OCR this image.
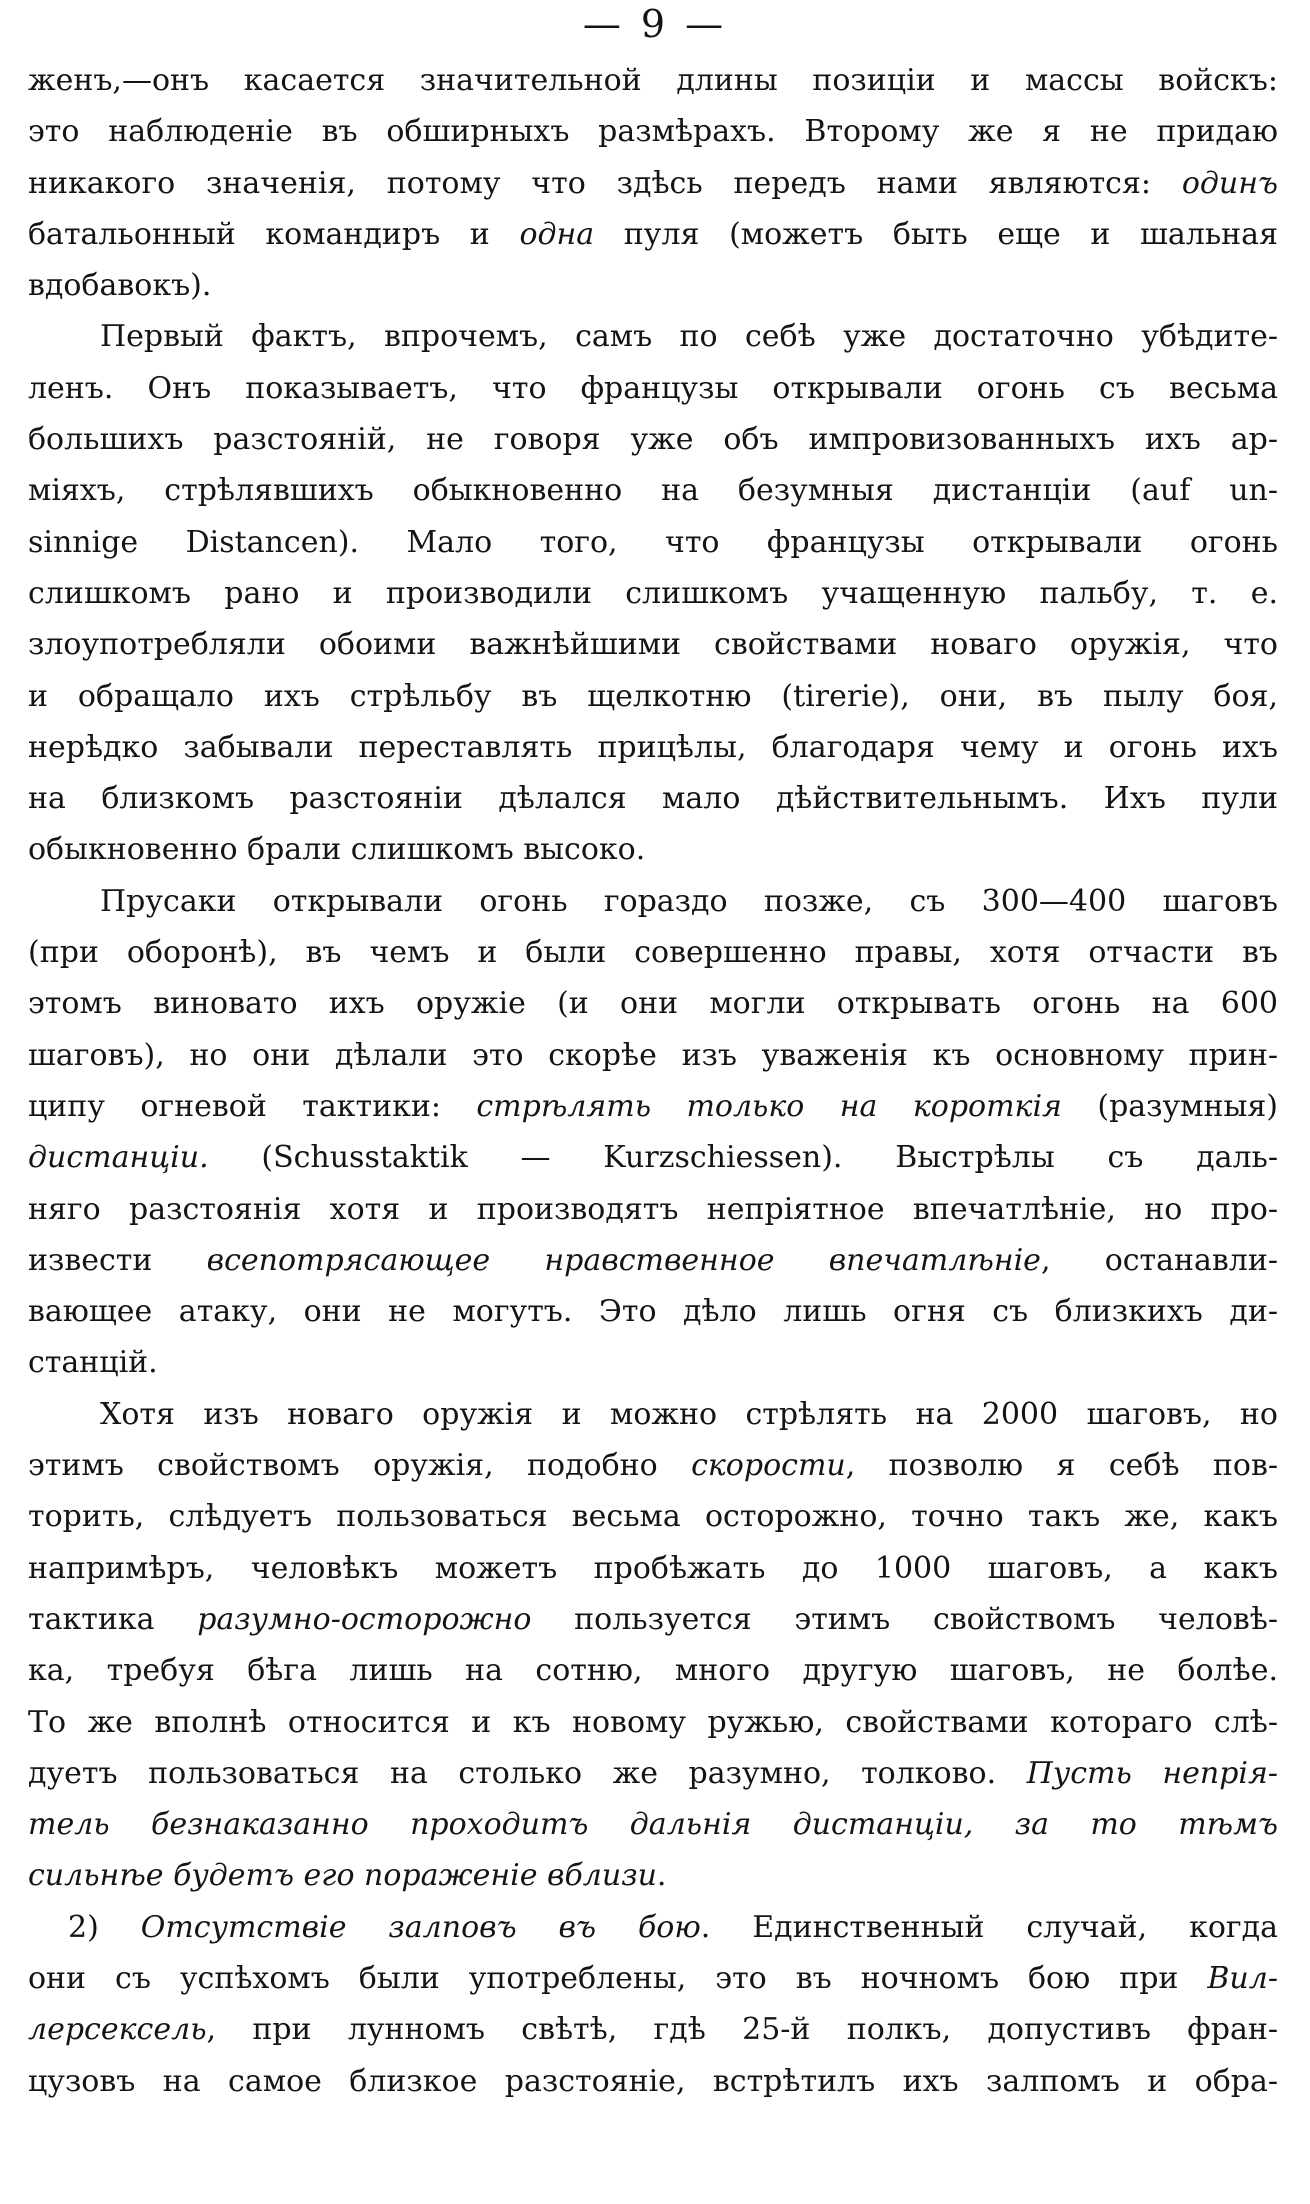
— 9 —
женъ,—онъ касается значительной длины позиціи и массы войскъ:
это наблюденіе въ обширныхъ размѣрахъ. Второму же я не придаю
никакого значенія, потому что здѣсь передъ нами являются: одинъ
батальонный командиръ и одна пуля (можетъ быть еще и шальная
вдобавокъ).
Первый фактъ, впрочемъ, самъ по себѣ уже достаточно убѣдите-
ленъ. Онъ показываетъ, что французы открывали огонь съ весьма
большихъ разстояній, не говоря уже объ импровизованныхъ ихъ ар-
міяхъ, стрѣлявшихъ обыкновенно на безумныя дистанціи (auf un-
sinnige Distancen). Мало того, что французы открывали огонь
слишкомъ рано и производили слишкомъ учащенную пальбу, т. е.
злоупотребляли обоими важнѣйшими свойствами новаго оружія, что
и обращало ихъ стрѣльбу въ щелкотню (tirerie), они, въ пылу боя,
нерѣдко забывали переставлять прицѣлы, благодаря чему и огонь ихъ
на близкомъ разстояніи дѣлался мало дѣйствительнымъ. Ихъ пули
обыкновенно брали слишкомъ высоко.
Прусаки открывали огонь гораздо позже, съ 300—400 шаговъ
(при оборонѣ), въ чемъ и были совершенно правы, хотя отчасти въ
этомъ виновато ихъ оружіе (и они могли открывать огонь на 600
шаговъ), но они дѣлали это скорѣе изъ уваженія къ основному прин-
ципу огневой тактики: стрѣлять только на короткія (разумныя)
дистанціи. (Schusstaktik — Kurzschiessen). Выстрѣлы съ даль-
няго разстоянія хотя и производятъ непріятное впечатлѣніе, но про-
извести всепотрясающее нравственное впечатлѣніе, останавли-
вающее атаку, они не могутъ. Это дѣло лишь огня съ близкихъ ди-
станцій.
Хотя изъ новаго оружія и можно стрѣлять на 2000 шаговъ, но
этимъ свойствомъ оружія, подобно скорости, позволю я себѣ пов-
торить, слѣдуетъ пользоваться весьма осторожно, точно такъ же, какъ
напримѣръ, человѣкъ можетъ пробѣжать до 1000 шаговъ, а какъ
тактика разумно-осторожно пользуется этимъ свойствомъ человѣ-
ка, требуя бѣга лишь на сотню, много другую шаговъ, не болѣе.
То же вполнѣ относится и къ новому ружью, свойствами котораго слѣ-
дуетъ пользоваться на столько же разумно, толково. Пусть непрія-
тель безнаказанно проходитъ дальнія дистанціи, за то тѣмъ
сильнѣе будетъ его пораженіе вблизи.
2) Отсутствіе залповъ въ бою. Единственный случай, когда
они съ успѣхомъ были употреблены, это въ ночномъ бою при Вил-
лерсексель, при лунномъ свѣтѣ, гдѣ 25-й полкъ, допустивъ фран-
цузовъ на самое близкое разстояніе, встрѣтилъ ихъ залпомъ и обра-
